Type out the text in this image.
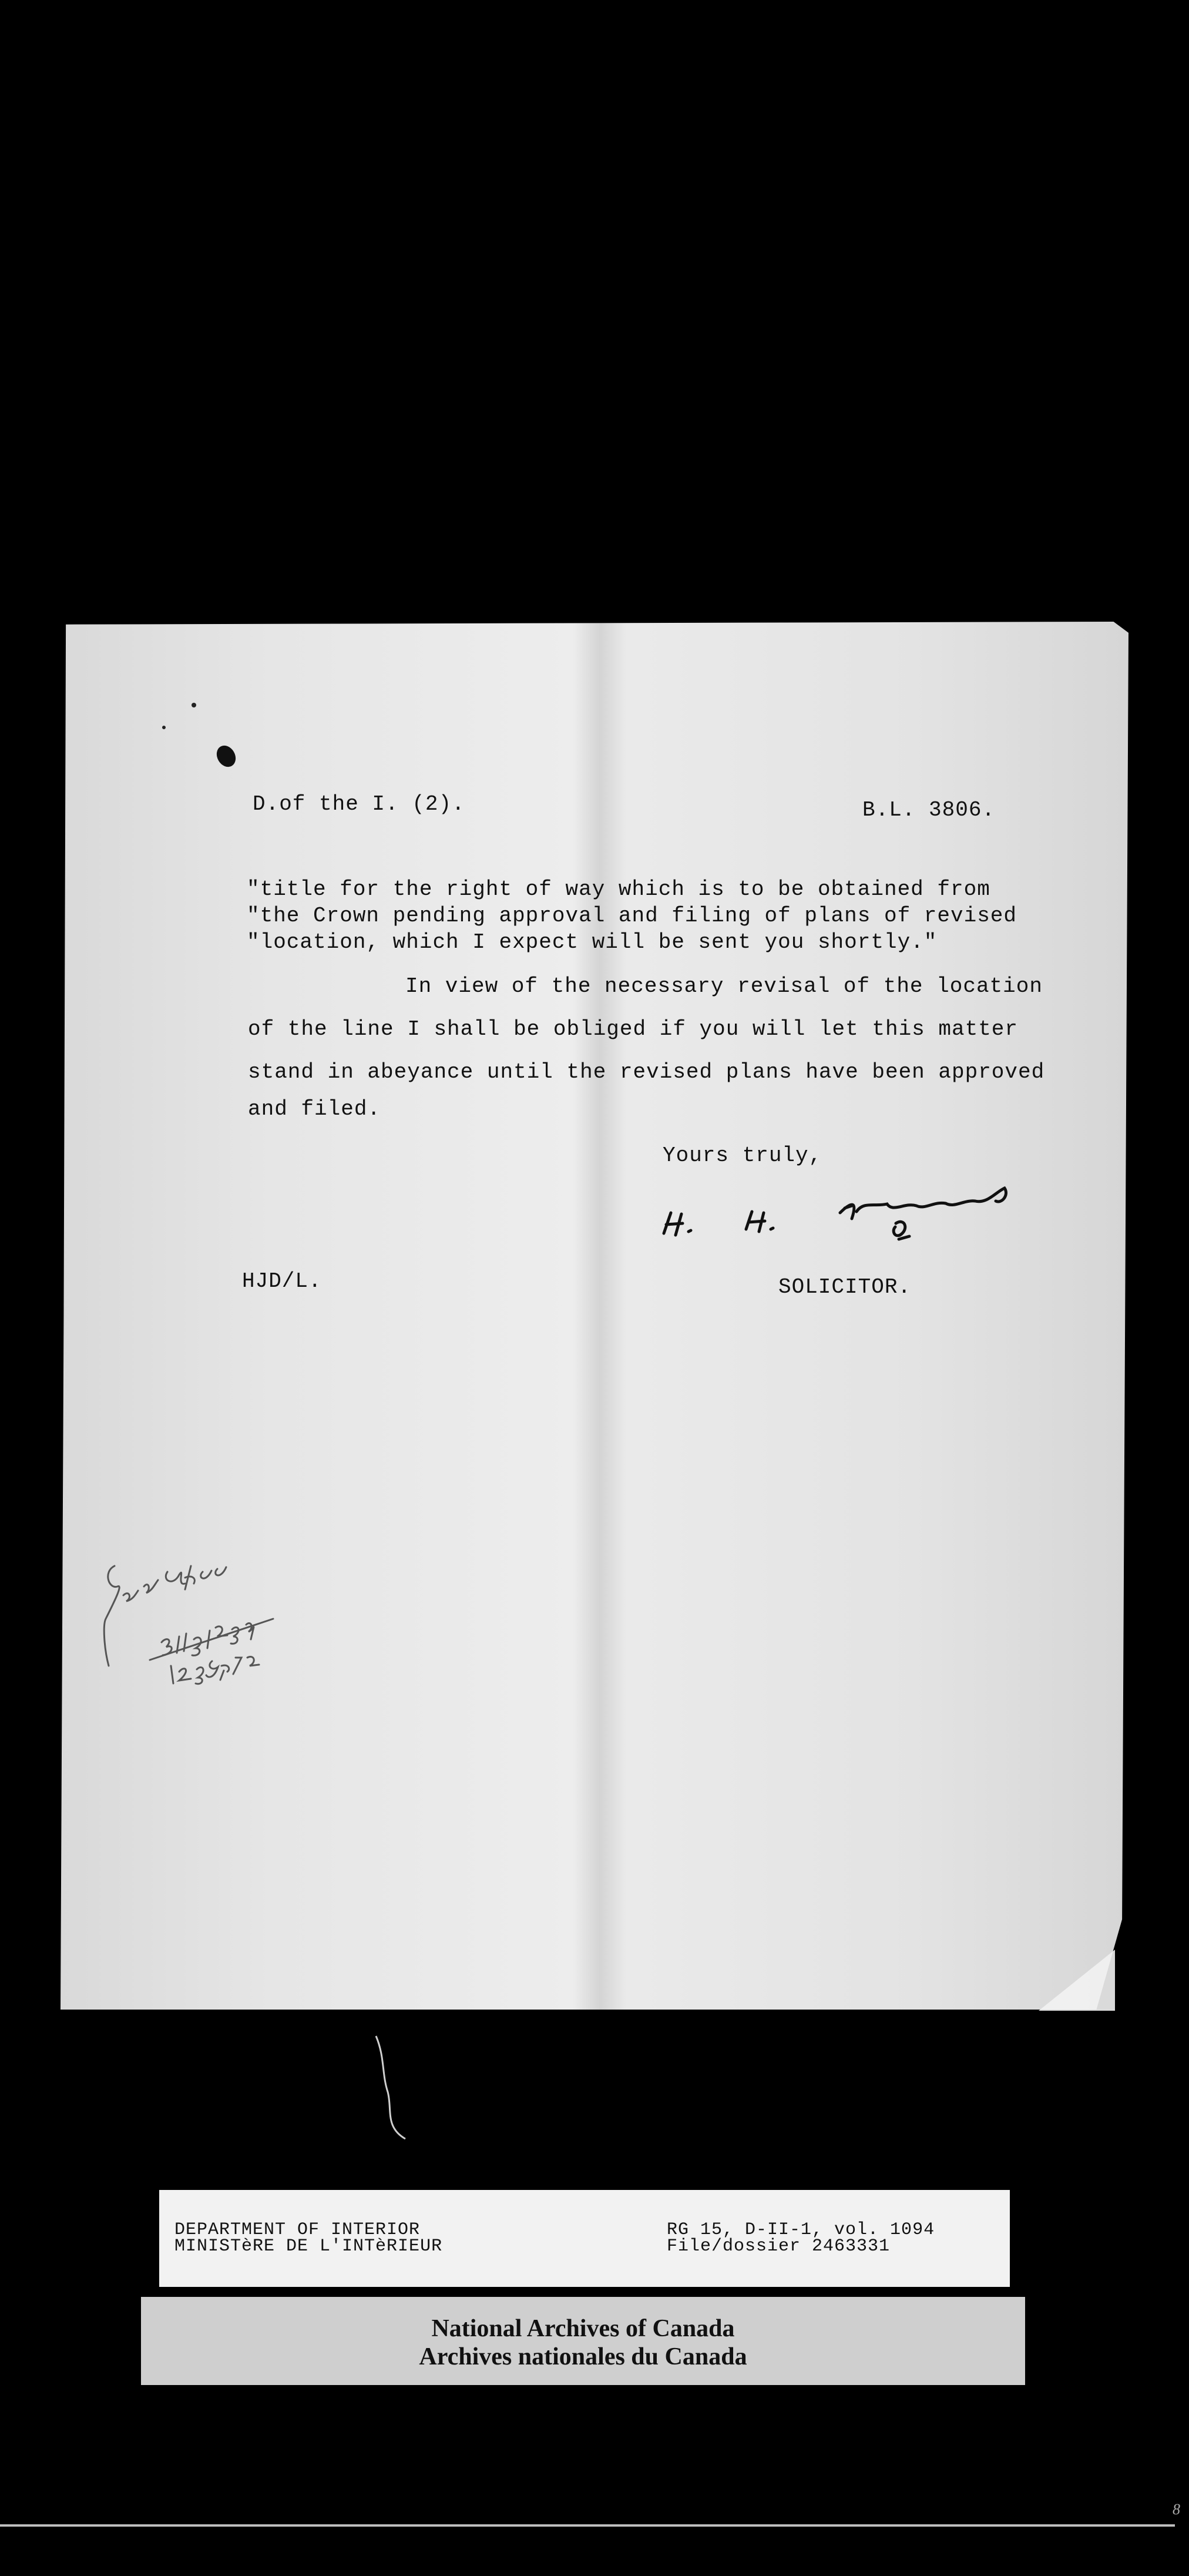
D.of the I. (2).	B.L. 3806.
"title for the right of way which is to be obtained from
"the Crown pending approval and filing of plans of revised
"location, which I expect will be sent you shortly."
In view of the necessary revisal of the location
of the line I shall be obliged if you will let this matter
stand in abeyance until the revised plans have been approved
and filed.
Yours truly,
HJD/L.	SOLICITOR.
DEPARTMENT OF INTERIOR
MINISTèRE DE L'INTèRIEUR
RG 15, D-II-1, vol. 1094
File/dossier 2463331
National Archives of Canada
Archives nationales du Canada
8
